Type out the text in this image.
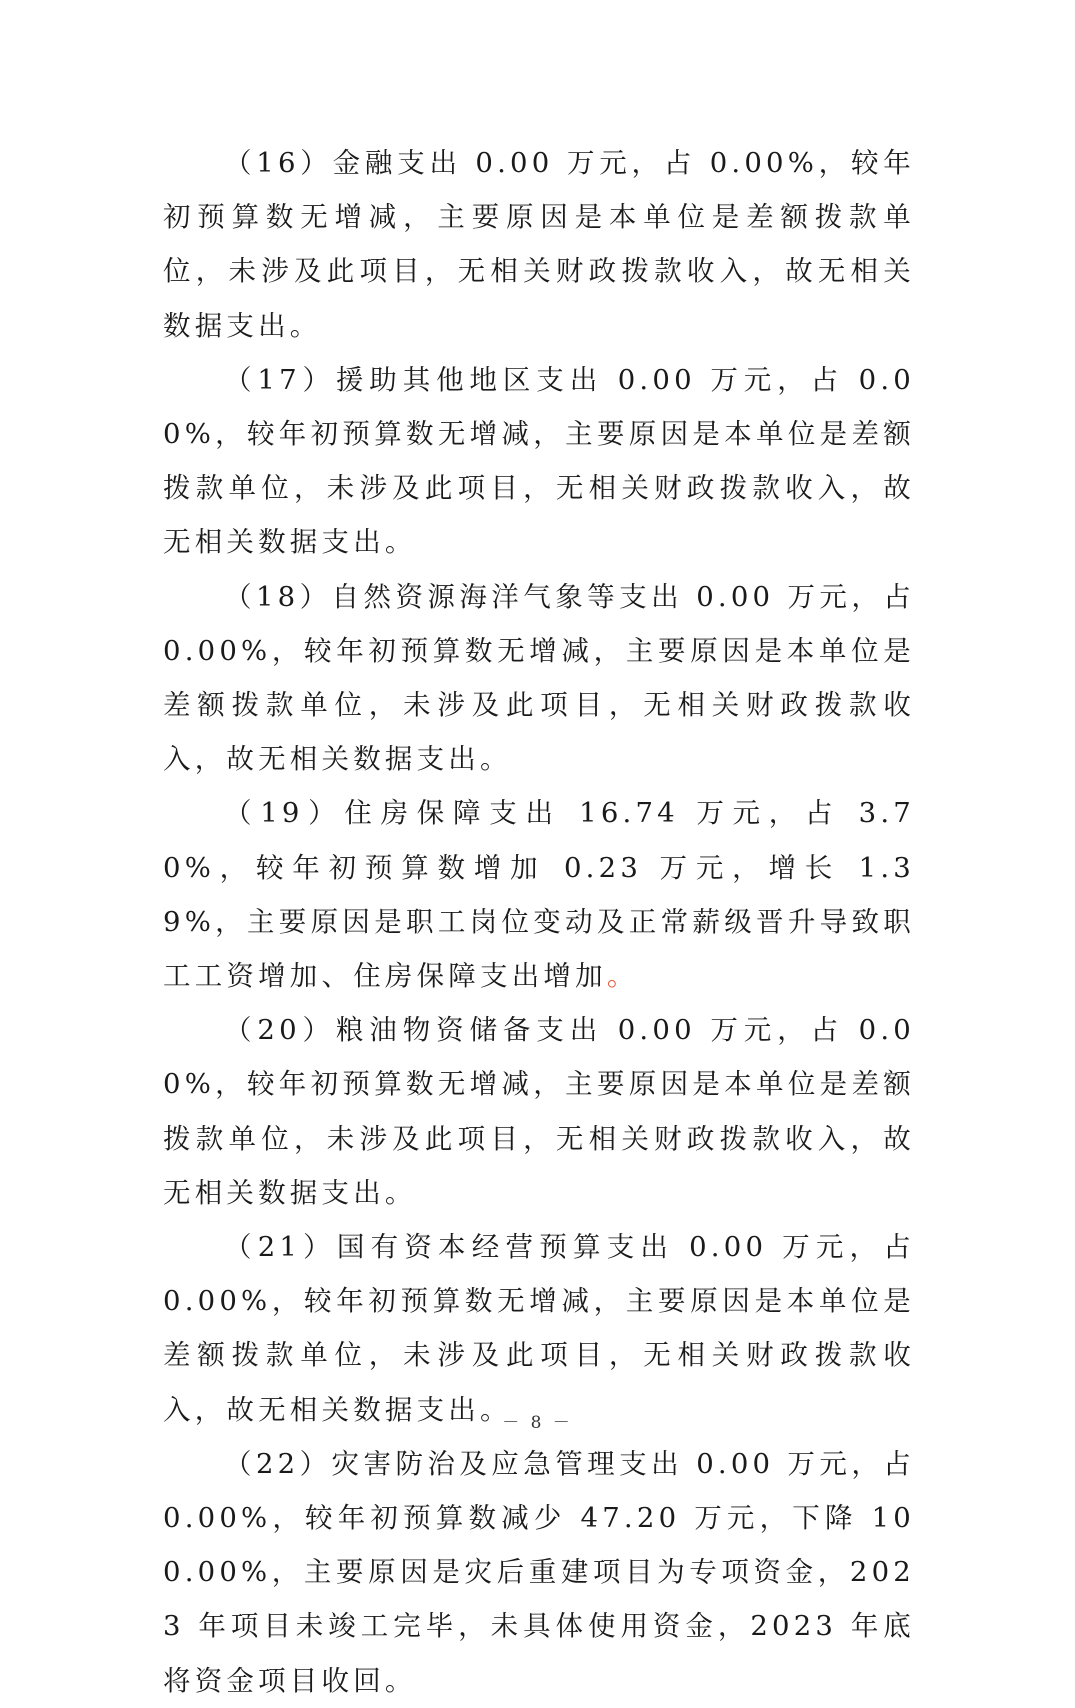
（16）金融支出 0.00 万元，占 0.00%，较年初预算数无增减，主要原因是本单位是差额拨款单位，未涉及此项目，无相关财政拨款收入，故无相关数据支出。

（17）援助其他地区支出 0.00 万元，占 0.00%，较年初预算数无增减，主要原因是本单位是差额拨款单位，未涉及此项目，无相关财政拨款收入，故无相关数据支出。

（18）自然资源海洋气象等支出 0.00 万元，占 0.00%，较年初预算数无增减，主要原因是本单位是差额拨款单位，未涉及此项目，无相关财政拨款收入，故无相关数据支出。

（19）住房保障支出 16.74 万元，占 3.70%，较年初预算数增加 0.23 万元，增长 1.39%，主要原因是职工岗位变动及正常薪级晋升导致职工工资增加、住房保障支出增加。

（20）粮油物资储备支出 0.00 万元，占 0.00%，较年初预算数无增减，主要原因是本单位是差额拨款单位，未涉及此项目，无相关财政拨款收入，故无相关数据支出。

（21）国有资本经营预算支出 0.00 万元，占 0.00%，较年初预算数无增减，主要原因是本单位是差额拨款单位，未涉及此项目，无相关财政拨款收入，故无相关数据支出。

（22）灾害防治及应急管理支出 0.00 万元，占 0.00%，较年初预算数减少 47.20 万元，下降 100.00%，主要原因是灾后重建项目为专项资金，2023 年项目未竣工完毕，未具体使用资金，2023 年底将资金项目收回。

－ 8 －
